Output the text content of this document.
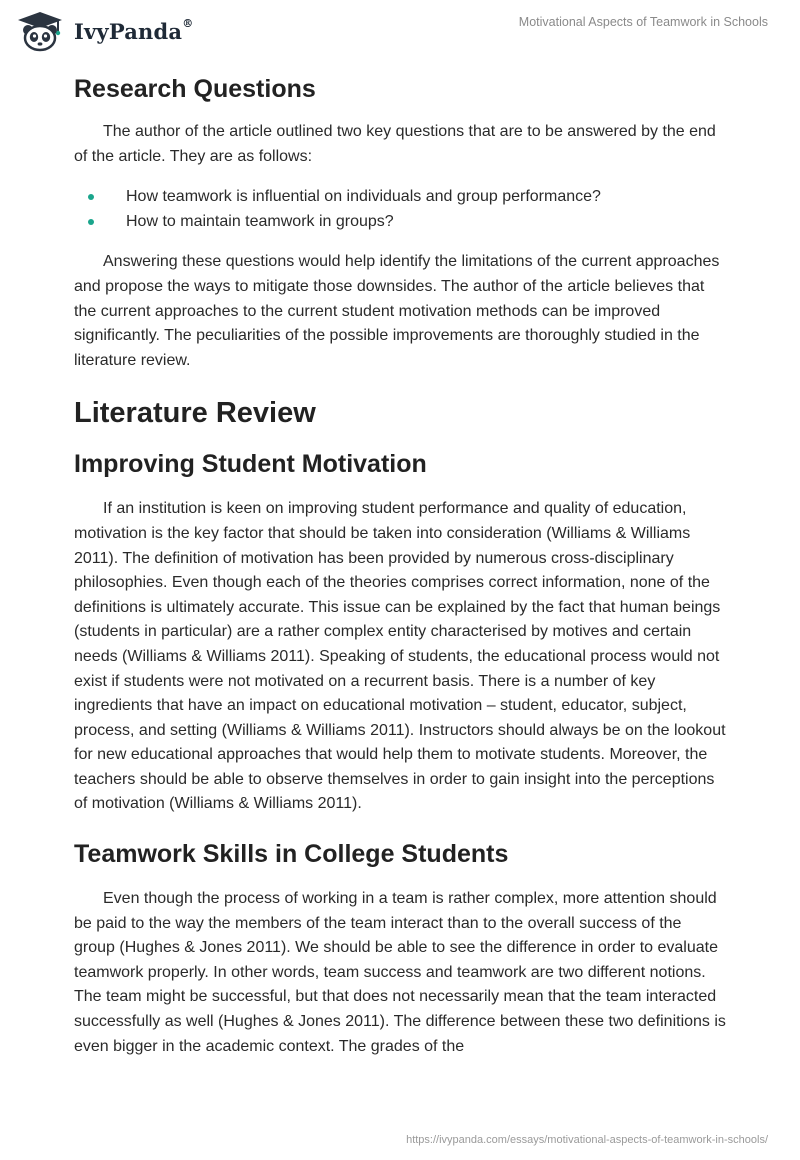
IvyPanda®	Motivational Aspects of Teamwork in Schools
Research Questions

The author of the article outlined two key questions that are to be answered by the end of the article. They are as follows:

How teamwork is influential on individuals and group performance?
How to maintain teamwork in groups?

Answering these questions would help identify the limitations of the current approaches and propose the ways to mitigate those downsides. The author of the article believes that the current approaches to the current student motivation methods can be improved significantly. The peculiarities of the possible improvements are thoroughly studied in the literature review.

Literature Review
Improving Student Motivation

If an institution is keen on improving student performance and quality of education, motivation is the key factor that should be taken into consideration (Williams & Williams 2011). The definition of motivation has been provided by numerous cross-disciplinary philosophies. Even though each of the theories comprises correct information, none of the definitions is ultimately accurate. This issue can be explained by the fact that human beings (students in particular) are a rather complex entity characterised by motives and certain needs (Williams & Williams 2011). Speaking of students, the educational process would not exist if students were not motivated on a recurrent basis. There is a number of key ingredients that have an impact on educational motivation – student, educator, subject, process, and setting (Williams & Williams 2011). Instructors should always be on the lookout for new educational approaches that would help them to motivate students. Moreover, the teachers should be able to observe themselves in order to gain insight into the perceptions of motivation (Williams & Williams 2011).

Teamwork Skills in College Students

Even though the process of working in a team is rather complex, more attention should be paid to the way the members of the team interact than to the overall success of the group (Hughes & Jones 2011). We should be able to see the difference in order to evaluate teamwork properly. In other words, team success and teamwork are two different notions. The team might be successful, but that does not necessarily mean that the team interacted successfully as well (Hughes & Jones 2011). The difference between these two definitions is even bigger in the academic context. The grades of the

https://ivypanda.com/essays/motivational-aspects-of-teamwork-in-schools/
